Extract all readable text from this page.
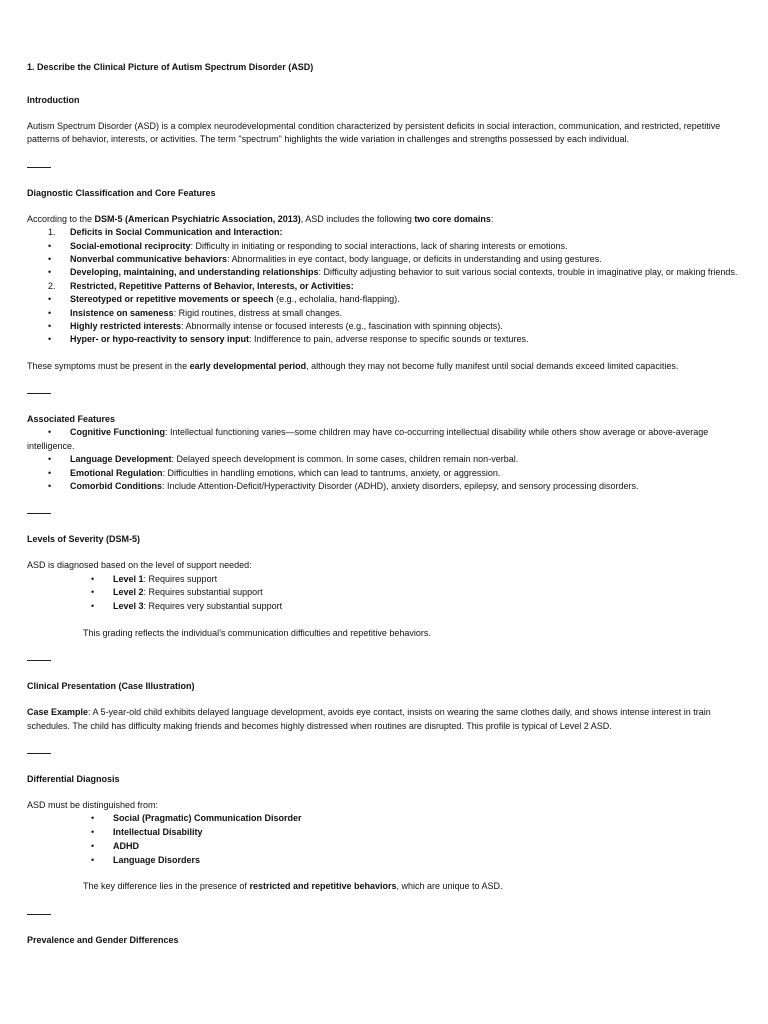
1. Describe the Clinical Picture of Autism Spectrum Disorder (ASD)
Introduction
Autism Spectrum Disorder (ASD) is a complex neurodevelopmental condition characterized by persistent deficits in social interaction, communication, and restricted, repetitive patterns of behavior, interests, or activities. The term "spectrum" highlights the wide variation in challenges and strengths possessed by each individual.
Diagnostic Classification and Core Features
According to the DSM-5 (American Psychiatric Association, 2013), ASD includes the following two core domains:
1. Deficits in Social Communication and Interaction:
• Social-emotional reciprocity: Difficulty in initiating or responding to social interactions, lack of sharing interests or emotions.
• Nonverbal communicative behaviors: Abnormalities in eye contact, body language, or deficits in understanding and using gestures.
• Developing, maintaining, and understanding relationships: Difficulty adjusting behavior to suit various social contexts, trouble in imaginative play, or making friends.
2. Restricted, Repetitive Patterns of Behavior, Interests, or Activities:
• Stereotyped or repetitive movements or speech (e.g., echolalia, hand-flapping).
• Insistence on sameness: Rigid routines, distress at small changes.
• Highly restricted interests: Abnormally intense or focused interests (e.g., fascination with spinning objects).
• Hyper- or hypo-reactivity to sensory input: Indifference to pain, adverse response to specific sounds or textures.
These symptoms must be present in the early developmental period, although they may not become fully manifest until social demands exceed limited capacities.
Associated Features
• Cognitive Functioning: Intellectual functioning varies—some children may have co-occurring intellectual disability while others show average or above-average intelligence.
• Language Development: Delayed speech development is common. In some cases, children remain non-verbal.
• Emotional Regulation: Difficulties in handling emotions, which can lead to tantrums, anxiety, or aggression.
• Comorbid Conditions: Include Attention-Deficit/Hyperactivity Disorder (ADHD), anxiety disorders, epilepsy, and sensory processing disorders.
Levels of Severity (DSM-5)
ASD is diagnosed based on the level of support needed:
• Level 1: Requires support
• Level 2: Requires substantial support
• Level 3: Requires very substantial support
This grading reflects the individual’s communication difficulties and repetitive behaviors.
Clinical Presentation (Case Illustration)
Case Example: A 5-year-old child exhibits delayed language development, avoids eye contact, insists on wearing the same clothes daily, and shows intense interest in train schedules. The child has difficulty making friends and becomes highly distressed when routines are disrupted. This profile is typical of Level 2 ASD.
Differential Diagnosis
ASD must be distinguished from:
• Social (Pragmatic) Communication Disorder
• Intellectual Disability
• ADHD
• Language Disorders
The key difference lies in the presence of restricted and repetitive behaviors, which are unique to ASD.
Prevalence and Gender Differences
